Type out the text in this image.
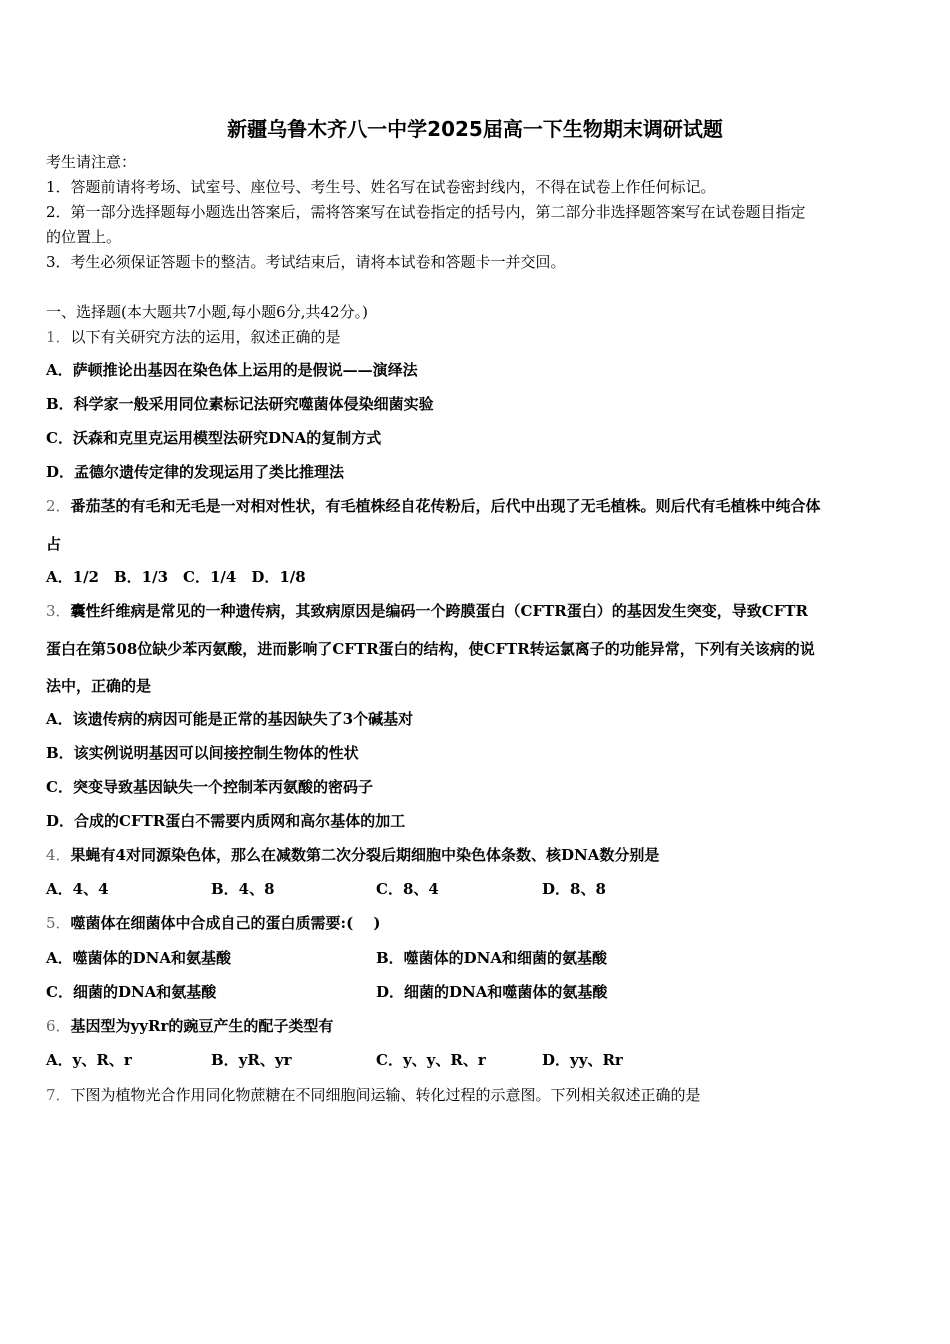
新疆乌鲁木齐八一中学2025届高一下生物期末调研试题
考生请注意：
1．答题前请将考场、试室号、座位号、考生号、姓名写在试卷密封线内，不得在试卷上作任何标记。
2．第一部分选择题每小题选出答案后，需将答案写在试卷指定的括号内，第二部分非选择题答案写在试卷题目指定
的位置上。
3．考生必须保证答题卡的整洁。考试结束后，请将本试卷和答题卡一并交回。
一、选择题(本大题共7小题,每小题6分,共42分。)
1．以下有关研究方法的运用，叙述正确的是
A．萨顿推论出基因在染色体上运用的是假说——演绎法
B．科学家一般采用同位素标记法研究噬菌体侵染细菌实验
C．沃森和克里克运用模型法研究DNA的复制方式
D．孟德尔遗传定律的发现运用了类比推理法
2．番茄茎的有毛和无毛是一对相对性状，有毛植株经自花传粉后，后代中出现了无毛植株。则后代有毛植株中纯合体
占
A．1/2　B．1/3　C．1/4　D．1/8
3．囊性纤维病是常见的一种遗传病，其致病原因是编码一个跨膜蛋白（CFTR蛋白）的基因发生突变，导致CFTR
蛋白在第508位缺少苯丙氨酸，进而影响了CFTR蛋白的结构，使CFTR转运氯离子的功能异常，下列有关该病的说
法中，正确的是
A．该遗传病的病因可能是正常的基因缺失了3个碱基对
B．该实例说明基因可以间接控制生物体的性状
C．突变导致基因缺失一个控制苯丙氨酸的密码子
D．合成的CFTR蛋白不需要内质网和高尔基体的加工
4．果蝇有4对同源染色体，那么在减数第二次分裂后期细胞中染色体条数、核DNA数分别是
A．4、4	B．4、8	C．8、4	D．8、8
5．噬菌体在细菌体中合成自己的蛋白质需要:(　 )
A．噬菌体的DNA和氨基酸	B．噬菌体的DNA和细菌的氨基酸
C．细菌的DNA和氨基酸	D．细菌的DNA和噬菌体的氨基酸
6．基因型为yyRr的豌豆产生的配子类型有
A．y、R、r	B．yR、yr	C．y、y、R、r	D．yy、Rr
7．下图为植物光合作用同化物蔗糖在不同细胞间运输、转化过程的示意图。下列相关叙述正确的是
